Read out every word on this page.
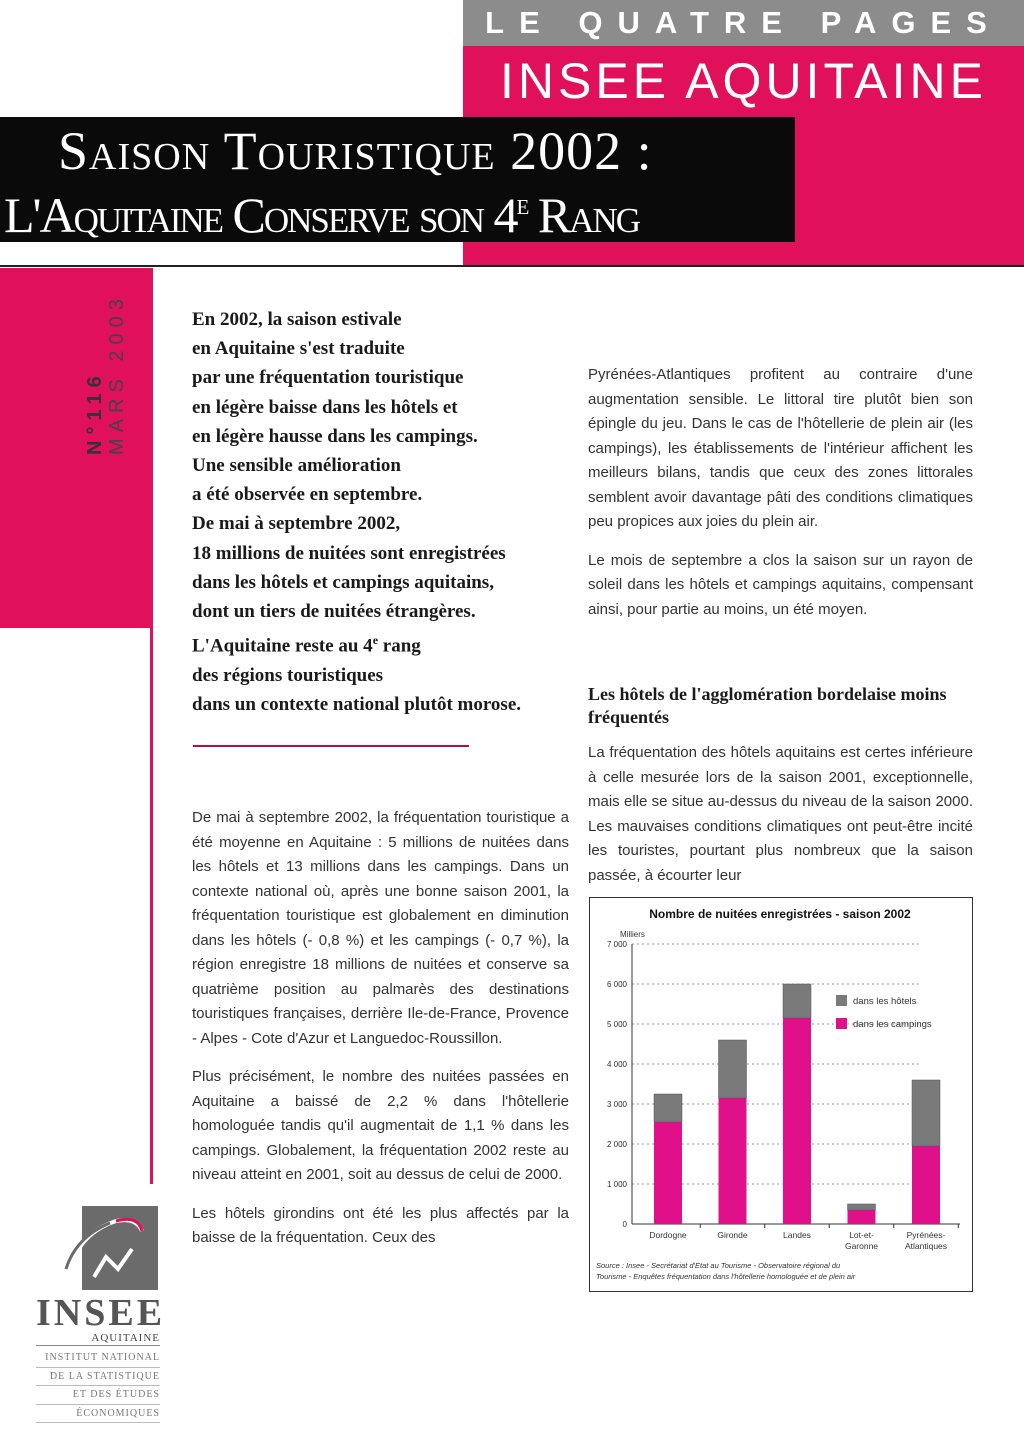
LE QUATRE PAGES
INSEE AQUITAINE
Saison Touristique 2002 :
L'Aquitaine Conserve son 4e Rang
N°116
MARS 2003	En 2002, la saison estivale

en Aquitaine s'est traduite

par une fréquentation touristique

en légère baisse dans les hôtels et

en légère hausse dans les campings.

Une sensible amélioration

a été observée en septembre.

De mai à septembre 2002,

18 millions de nuitées sont enregistrées

dans les hôtels et campings aquitains,

dont un tiers de nuitées étrangères.

L'Aquitaine reste au 4e rang

des régions touristiques

dans un contexte national plutôt morose.

De mai à septembre 2002, la fréquentation touristique a été moyenne en Aquitaine : 5 millions de nuitées dans les hôtels et 13 millions dans les campings. Dans un contexte national où, après une bonne saison 2001, la fréquentation touristique est globalement en diminution dans les hôtels (- 0,8 %) et les campings (- 0,7 %), la région enregistre 18 millions de nuitées et conserve sa quatrième position au palmarès des destinations touristiques françaises, derrière Ile-de-France, Provence - Alpes - Cote d'Azur et Languedoc-Roussillon.

Plus précisément, le nombre des nuitées passées en Aquitaine a baissé de 2,2 % dans l'hôtellerie homologuée tandis qu'il augmentait de 1,1 % dans les campings. Globalement, la fréquentation 2002 reste au niveau atteint en 2001, soit au dessus de celui de 2000.

Les hôtels girondins ont été les plus affectés par la baisse de la fréquentation. Ceux des

Pyrénées-Atlantiques profitent au contraire d'une augmentation sensible. Le littoral tire plutôt bien son épingle du jeu. Dans le cas de l'hôtellerie de plein air (les campings), les établissements de l'intérieur affichent les meilleurs bilans, tandis que ceux des zones littorales semblent avoir davantage pâti des conditions climatiques peu propices aux joies du plein air.

Le mois de septembre a clos la saison sur un rayon de soleil dans les hôtels et campings aquitains, compensant ainsi, pour partie au moins, un été moyen.

Les hôtels de l'agglomération bordelaise moins fréquentés

La fréquentation des hôtels aquitains est certes inférieure à celle mesurée lors de la saison 2001, exceptionnelle, mais elle se situe au-dessus du niveau de la saison 2000. Les mauvaises conditions climatiques ont peut-être incité les touristes, pourtant plus nombreux que la saison passée, à écourter leur

Nombre de nuitées enregistrées - saison 2002
Milliers
0
1 000
2 000
3 000
4 000
5 000
6 000
7 000
Dordogne	Gironde	Landes	Lot-et-
Garonne
Pyrénées-
Atlantiques
dans les hôtels
dans les campings
Source : Insee - Secrétariat d'Etat au Tourisme - Observatoire régional du
Tourisme - Enquêtes fréquentation dans l'hôtellerie homologuée et de plein air
INSEE
AQUITAINE
INSTITUT NATIONAL
DE LA STATISTIQUE
ET DES ÉTUDES
ÉCONOMIQUES
